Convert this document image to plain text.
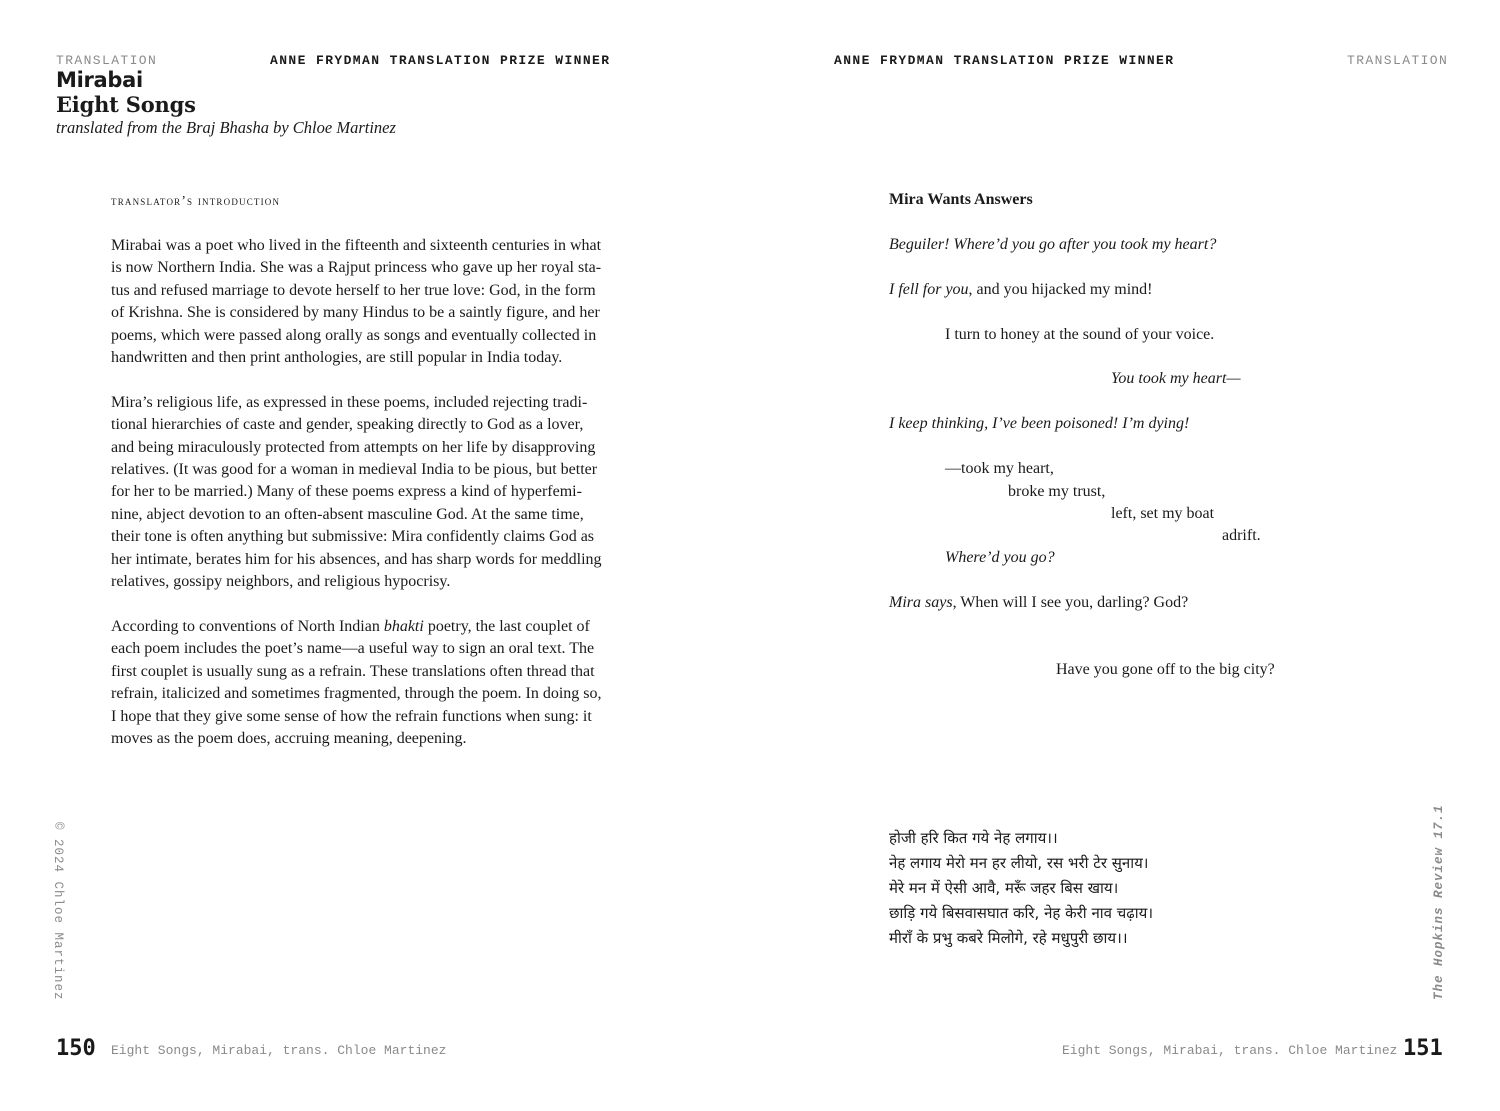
TRANSLATION	ANNE FRYDMAN TRANSLATION PRIZE WINNER
Mirabai
Eight Songs
translated from the Braj Bhasha by Chloe Martinez
translator’s introduction

Mirabai was a poet who lived in the fifteenth and sixteenth centuries in what
is now Northern India. She was a Rajput princess who gave up her royal sta-
tus and refused marriage to devote herself to her true love: God, in the form
of Krishna. She is considered by many Hindus to be a saintly figure, and her
poems, which were passed along orally as songs and eventually collected in
handwritten and then print anthologies, are still popular in India today.

Mira’s religious life, as expressed in these poems, included rejecting tradi-
tional hierarchies of caste and gender, speaking directly to God as a lover,
and being miraculously protected from attempts on her life by disapproving
relatives. (It was good for a woman in medieval India to be pious, but better
for her to be married.) Many of these poems express a kind of hyperfemi-
nine, abject devotion to an often-absent masculine God. At the same time,
their tone is often anything but submissive: Mira confidently claims God as
her intimate, berates him for his absences, and has sharp words for meddling
relatives, gossipy neighbors, and religious hypocrisy.

According to conventions of North Indian bhakti poetry, the last couplet of
each poem includes the poet’s name—a useful way to sign an oral text. The
first couplet is usually sung as a refrain. These translations often thread that
refrain, italicized and sometimes fragmented, through the poem. In doing so,
I hope that they give some sense of how the refrain functions when sung: it
moves as the poem does, accruing meaning, deepening.

© 2024 Chloe Martinez
150 Eight Songs, Mirabai, trans. Chloe Martinez
ANNE FRYDMAN TRANSLATION PRIZE WINNER	TRANSLATION
Mira Wants Answers
Beguiler! Where’d you go after you took my heart?
I fell for you, and you hijacked my mind!
I turn to honey at the sound of your voice.
You took my heart—
I keep thinking, I’ve been poisoned! I’m dying!
—took my heart,
broke my trust,
left, set my boat
adrift.
Where’d you go?
Mira says, When will I see you, darling? God?
Have you gone off to the big city?
होजी हरि कित गये नेह लगाय।।
नेह लगाय मेरो मन हर लीयो, रस भरी टेर सुनाय।
मेरे मन में ऐसी आवै, मरूँ जहर बिस खाय।
छाड़ि गये बिसवासघात करि, नेह केरी नाव चढ़ाय।
मीराँ के प्रभु कबरे मिलोगे, रहे मधुपुरी छाय।।	The Hopkins Review 17.1
Eight Songs, Mirabai, trans. Chloe Martinez 151
